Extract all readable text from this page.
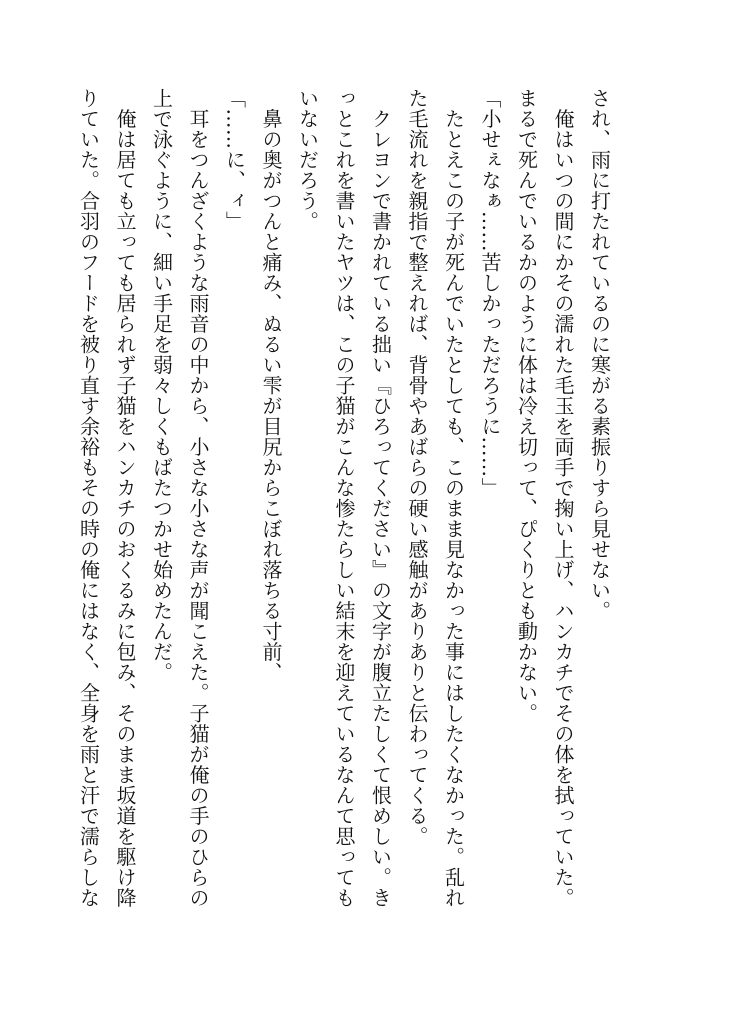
され、雨に打たれているのに寒がる素振りすら見せない。
　俺はいつの間にかその濡れた毛玉を両手で掬い上げ、ハンカチでその体を拭っていた。
まるで死んでいるかのように体は冷え切って、ぴくりとも動かない。
「小せぇなぁ……苦しかっただろうに……」
　たとえこの子が死んでいたとしても、このまま見なかった事にはしたくなかった。乱れ
た毛流れを親指で整えれば、背骨やあばらの硬い感触がありありと伝わってくる。
　クレヨンで書かれている拙い『ひろってください』の文字が腹立たしくて恨めしい。き
っとこれを書いたヤツは、この子猫がこんな惨たらしい結末を迎えているなんて思っても
いないだろう。
　鼻の奥がつんと痛み、ぬるい雫が目尻からこぼれ落ちる寸前、
「……に、ィ」
　耳をつんざくような雨音の中から、小さな小さな声が聞こえた。子猫が俺の手のひらの
上で泳ぐように、細い手足を弱々しくもばたつかせ始めたんだ。
　俺は居ても立っても居られず子猫をハンカチのおくるみに包み、そのまま坂道を駆け降
りていた。合羽のフードを被り直す余裕もその時の俺にはなく、全身を雨と汗で濡らしな
